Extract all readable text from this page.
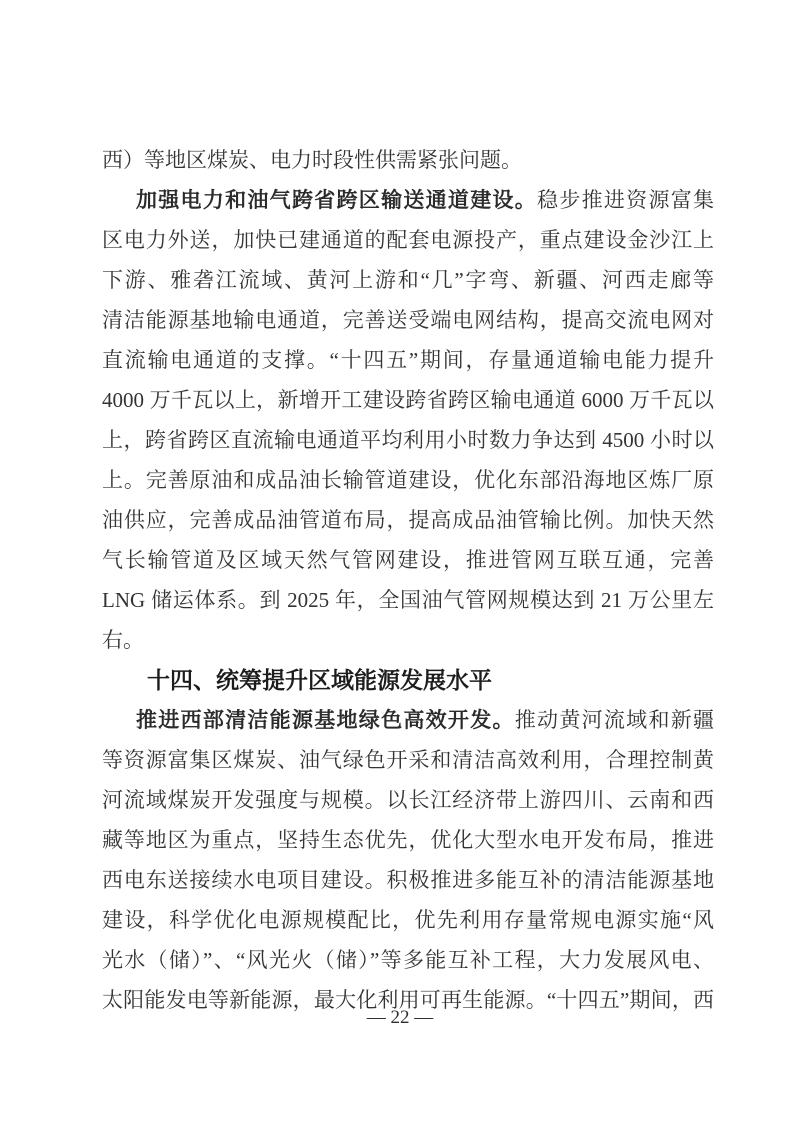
西）等地区煤炭、电力时段性供需紧张问题。
加强电力和油气跨省跨区输送通道建设。稳步推进资源富集
区电力外送，加快已建通道的配套电源投产，重点建设金沙江上
下游、雅砻江流域、黄河上游和“几”字弯、新疆、河西走廊等
清洁能源基地输电通道，完善送受端电网结构，提高交流电网对
直流输电通道的支撑。“十四五”期间，存量通道输电能力提升
4000 万千瓦以上，新增开工建设跨省跨区输电通道 6000 万千瓦以
上，跨省跨区直流输电通道平均利用小时数力争达到 4500 小时以
上。完善原油和成品油长输管道建设，优化东部沿海地区炼厂原
油供应，完善成品油管道布局，提高成品油管输比例。加快天然
气长输管道及区域天然气管网建设，推进管网互联互通，完善
LNG 储运体系。到 2025 年，全国油气管网规模达到 21 万公里左
右。
十四、统筹提升区域能源发展水平
推进西部清洁能源基地绿色高效开发。推动黄河流域和新疆
等资源富集区煤炭、油气绿色开采和清洁高效利用，合理控制黄
河流域煤炭开发强度与规模。以长江经济带上游四川、云南和西
藏等地区为重点，坚持生态优先，优化大型水电开发布局，推进
西电东送接续水电项目建设。积极推进多能互补的清洁能源基地
建设，科学优化电源规模配比，优先利用存量常规电源实施“风
光水（储）”、“风光火（储）”等多能互补工程，大力发展风电、
太阳能发电等新能源，最大化利用可再生能源。“十四五”期间，西
— 22 —
